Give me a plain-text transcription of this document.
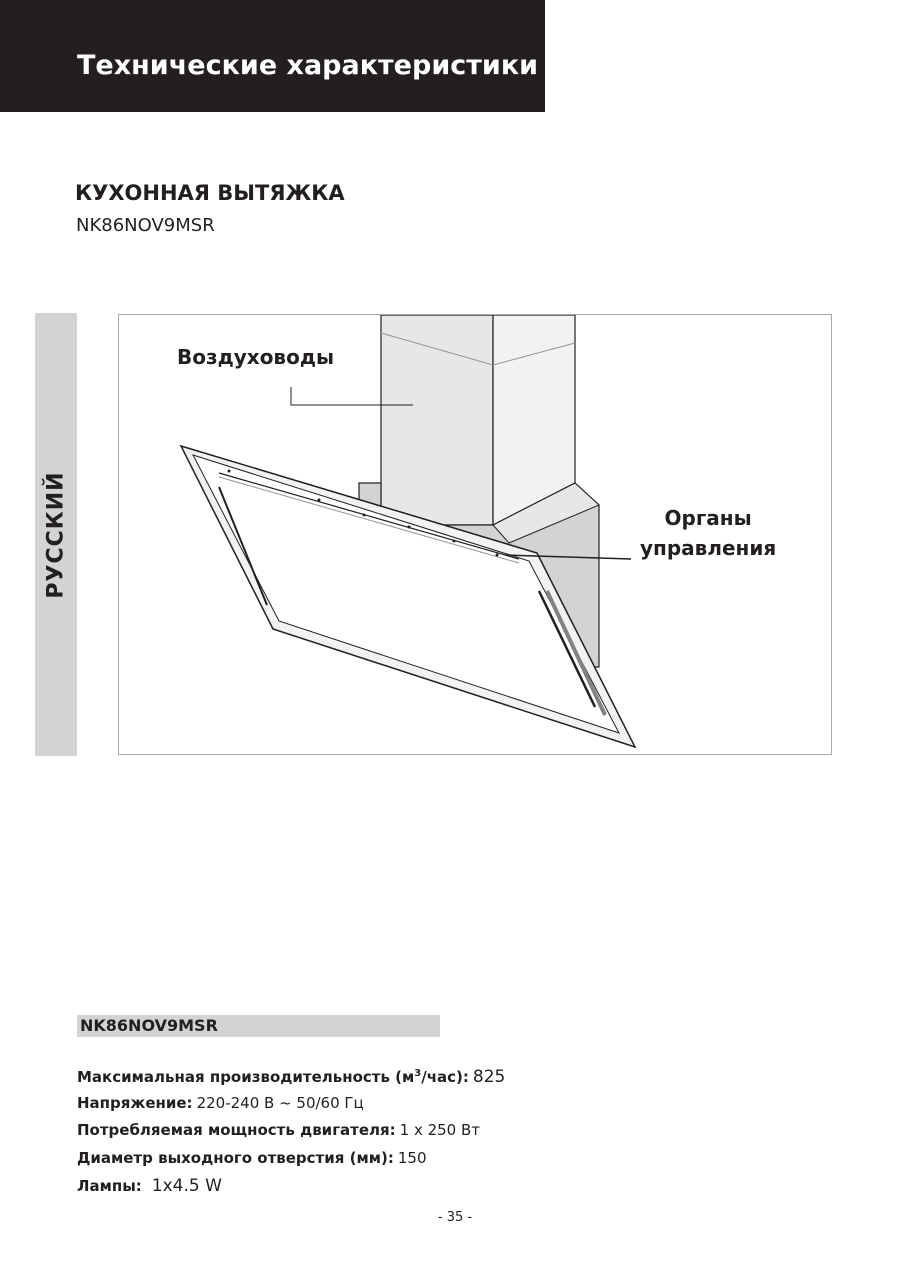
Технические характеристики
КУХОННАЯ ВЫТЯЖКА
NK86NOV9MSR
РУССКИЙ
Воздуховоды
Органы
управления
NK86NOV9MSR
Максимальная производительность $(м^3/час)$: 825
Напряжение: 220-240 В ~ 50/60 Гц
Потребляемая мощность двигателя: 1 x 250 Вт
Диаметр выходного отверстия (мм): 150
Лампы: 1x4.5 W
- 35 -
